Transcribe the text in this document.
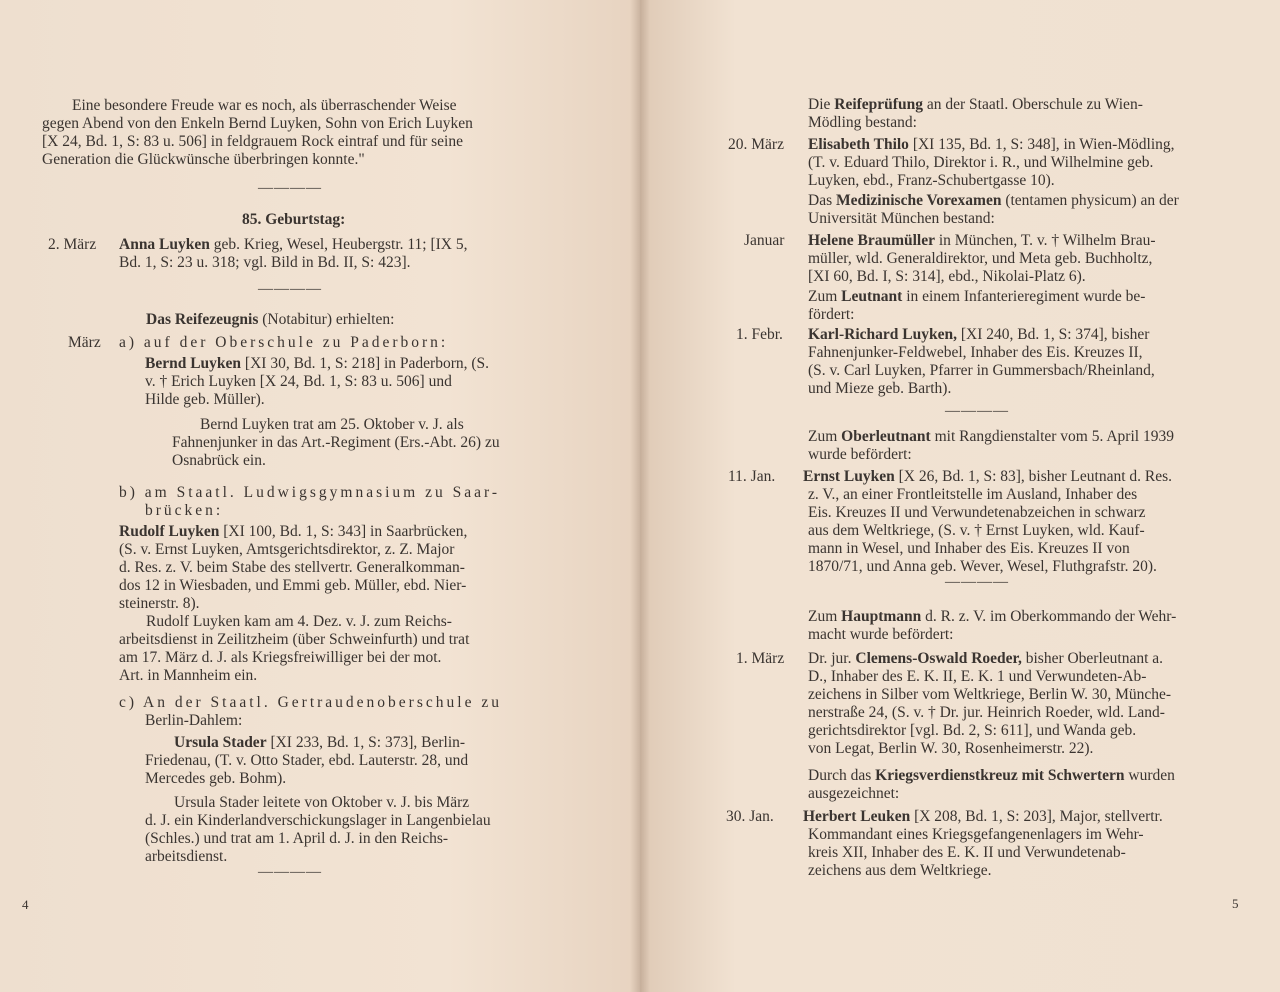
Eine besondere Freude war es noch, als überraschender Weise
gegen Abend von den Enkeln Bernd Luyken, Sohn von Erich Luyken
[X 24, Bd. 1, S: 83 u. 506] in feldgrauem Rock eintraf und für seine
Generation die Glückwünsche überbringen konnte."
————
85. Geburtstag:
2. März Anna Luyken geb. Krieg, Wesel, Heubergstr. 11; [IX 5,
Bd. 1, S: 23 u. 318; vgl. Bild in Bd. II, S: 423].
————
Das Reifezeugnis (Notabitur) erhielten:
März a) auf der Oberschule zu Paderborn:
Bernd Luyken [XI 30, Bd. 1, S: 218] in Paderborn, (S.
v. † Erich Luyken [X 24, Bd. 1, S: 83 u. 506] und
Hilde geb. Müller).
Bernd Luyken trat am 25. Oktober v. J. als
Fahnenjunker in das Art.-Regiment (Ers.-Abt. 26) zu
Osnabrück ein.
b) am Staatl. Ludwigsgymnasium zu Saar-
brücken:
Rudolf Luyken [XI 100, Bd. 1, S: 343] in Saarbrücken,
(S. v. Ernst Luyken, Amtsgerichtsdirektor, z. Z. Major
d. Res. z. V. beim Stabe des stellvertr. Generalkomman-
dos 12 in Wiesbaden, und Emmi geb. Müller, ebd. Nier-
steinerstr. 8).
Rudolf Luyken kam am 4. Dez. v. J. zum Reichs-
arbeitsdienst in Zeilitzheim (über Schweinfurth) und trat
am 17. März d. J. als Kriegsfreiwilliger bei der mot.
Art. in Mannheim ein.
c) An der Staatl. Gertraudenoberschule zu
Berlin-Dahlem:
Ursula Stader [XI 233, Bd. 1, S: 373], Berlin-
Friedenau, (T. v. Otto Stader, ebd. Lauterstr. 28, und
Mercedes geb. Bohm).
Ursula Stader leitete von Oktober v. J. bis März
d. J. ein Kinderlandverschickungslager in Langenbielau
(Schles.) und trat am 1. April d. J. in den Reichs-
arbeitsdienst.
————
4
Die Reifeprüfung an der Staatl. Oberschule zu Wien-
Mödling bestand:
20. März Elisabeth Thilo [XI 135, Bd. 1, S: 348], in Wien-Mödling,
(T. v. Eduard Thilo, Direktor i. R., und Wilhelmine geb.
Luyken, ebd., Franz-Schubertgasse 10).
Das Medizinische Vorexamen (tentamen physicum) an der
Universität München bestand:
Januar Helene Braumüller in München, T. v. † Wilhelm Brau-
müller, wld. Generaldirektor, und Meta geb. Buchholtz,
[XI 60, Bd. I, S: 314], ebd., Nikolai-Platz 6).
Zum Leutnant in einem Infanterieregiment wurde be-
fördert:
1. Febr. Karl-Richard Luyken, [XI 240, Bd. 1, S: 374], bisher
Fahnenjunker-Feldwebel, Inhaber des Eis. Kreuzes II,
(S. v. Carl Luyken, Pfarrer in Gummersbach/Rheinland,
und Mieze geb. Barth).
————
Zum Oberleutnant mit Rangdienstalter vom 5. April 1939
wurde befördert:
11. Jan. Ernst Luyken [X 26, Bd. 1, S: 83], bisher Leutnant d. Res.
z. V., an einer Frontleitstelle im Ausland, Inhaber des
Eis. Kreuzes II und Verwundetenabzeichen in schwarz
aus dem Weltkriege, (S. v. † Ernst Luyken, wld. Kauf-
mann in Wesel, und Inhaber des Eis. Kreuzes II von
1870/71, und Anna geb. Wever, Wesel, Fluthgrafstr. 20).
————
Zum Hauptmann d. R. z. V. im Oberkommando der Wehr-
macht wurde befördert:
1. März Dr. jur. Clemens-Oswald Roeder, bisher Oberleutnant a.
D., Inhaber des E. K. II, E. K. 1 und Verwundeten-Ab-
zeichens in Silber vom Weltkriege, Berlin W. 30, Münche-
nerstraße 24, (S. v. † Dr. jur. Heinrich Roeder, wld. Land-
gerichtsdirektor [vgl. Bd. 2, S: 611], und Wanda geb.
von Legat, Berlin W. 30, Rosenheimerstr. 22).
Durch das Kriegsverdienstkreuz mit Schwertern wurden
ausgezeichnet:
30. Jan. Herbert Leuken [X 208, Bd. 1, S: 203], Major, stellvertr.
Kommandant eines Kriegsgefangenenlagers im Wehr-
kreis XII, Inhaber des E. K. II und Verwundetenab-
zeichens aus dem Weltkriege.
5
